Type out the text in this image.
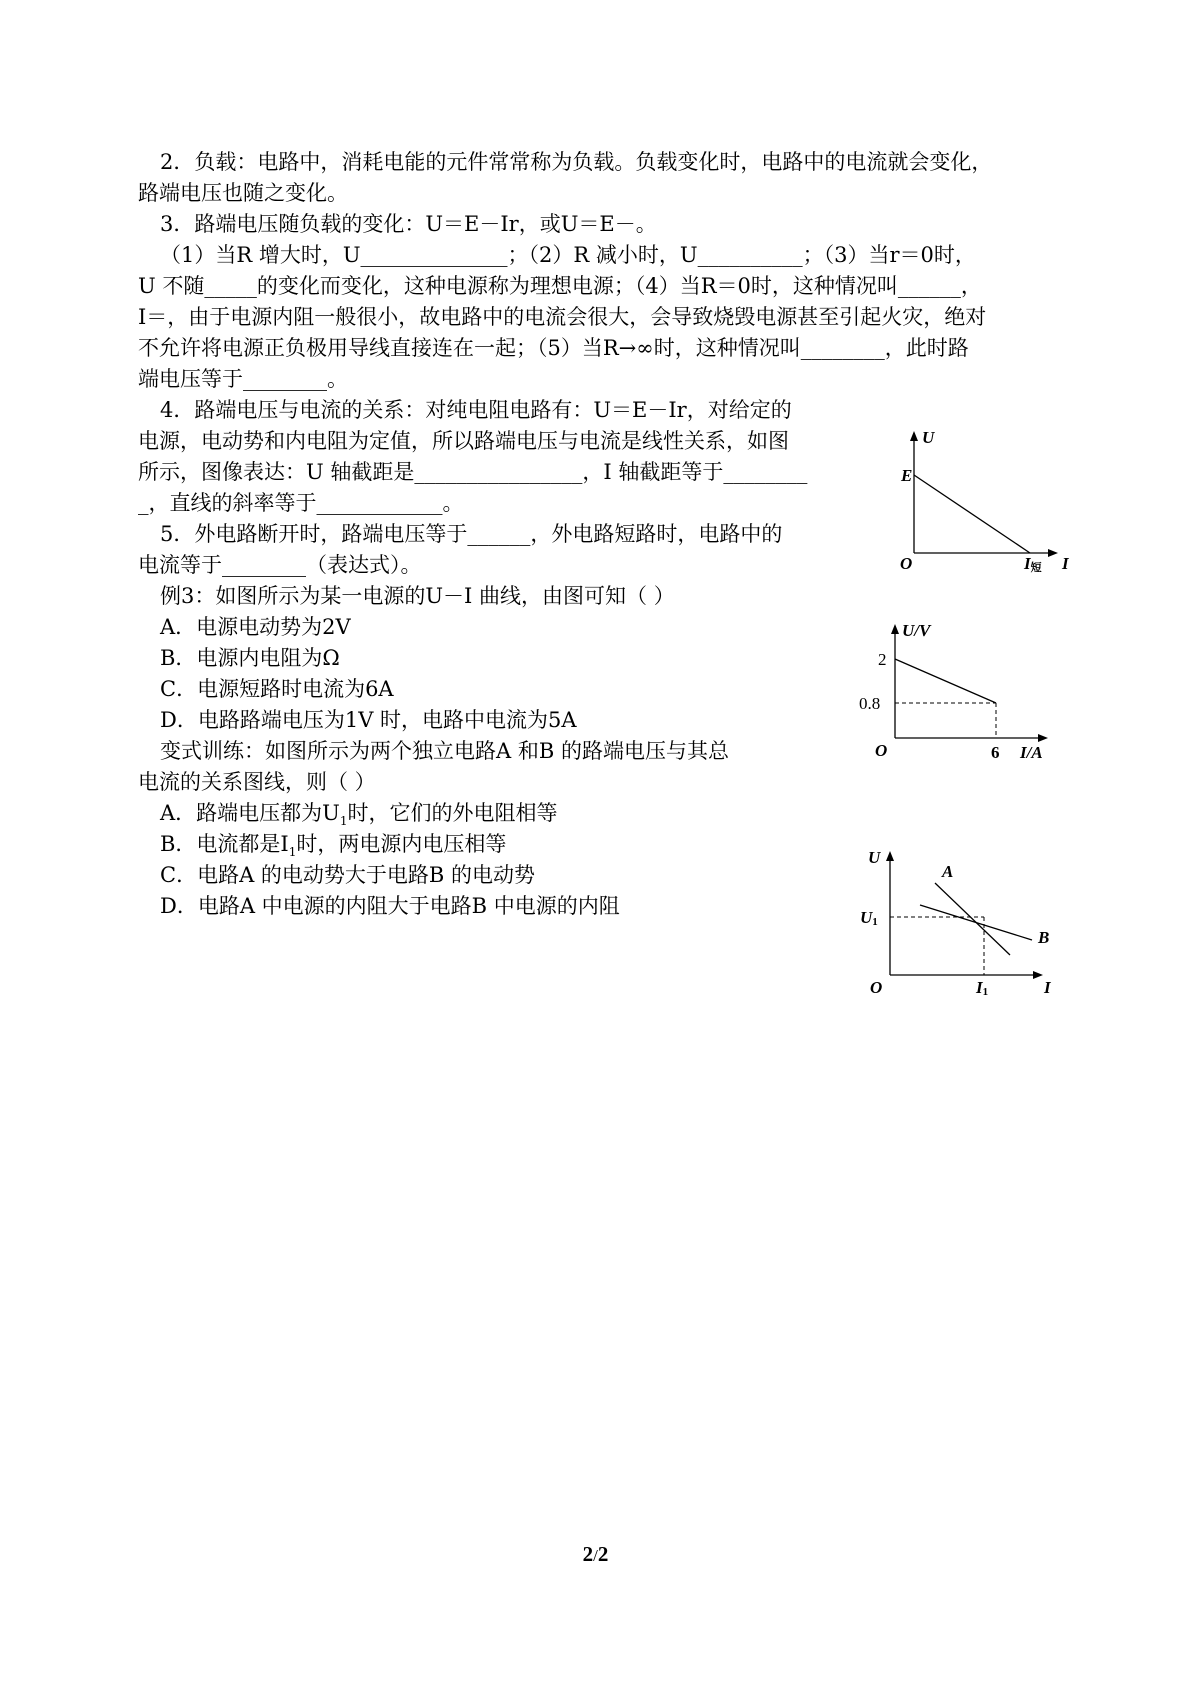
2．负载：电路中，消耗电能的元件常常称为负载。负载变化时，电路中的电流就会变化，
路端电压也随之变化。
3．路端电压随负载的变化：U＝E－Ir，或U＝E－。
（1）当R 增大时，U______________；（2）R 减小时，U__________；（3）当r＝0时，
U 不随_____的变化而变化，这种电源称为理想电源；（4）当R＝0时，这种情况叫______，
I＝，由于电源内阻一般很小，故电路中的电流会很大，会导致烧毁电源甚至引起火灾，绝对
不允许将电源正负极用导线直接连在一起；（5）当R→∞时，这种情况叫________，此时路
端电压等于________。
4．路端电压与电流的关系：对纯电阻电路有：U＝E－Ir，对给定的
电源，电动势和内电阻为定值，所以路端电压与电流是线性关系，如图
所示，图像表达：U 轴截距是________________，I 轴截距等于________
_，直线的斜率等于____________。
5．外电路断开时，路端电压等于______，外电路短路时，电路中的
电流等于________（表达式）。
例3：如图所示为某一电源的U－I 曲线，由图可知（ ）
A．电源电动势为2V
B．电源内电阻为Ω
C．电源短路时电流为6A
D．电路路端电压为1V 时，电路中电流为5A
变式训练：如图所示为两个独立电路A 和B 的路端电压与其总
电流的关系图线，则（ ）
A．路端电压都为$U_1$时，它们的外电阻相等
B．电流都是$I_1$时，两电源内电压相等
C．电路A 的电动势大于电路B 的电动势
D．电路A 中电源的内阻大于电路B 中电源的内阻
U
E
O	I短 I
U/V
2
0.8
O	6 I/A
U
A
B
U1
O	I1	I
2/2
